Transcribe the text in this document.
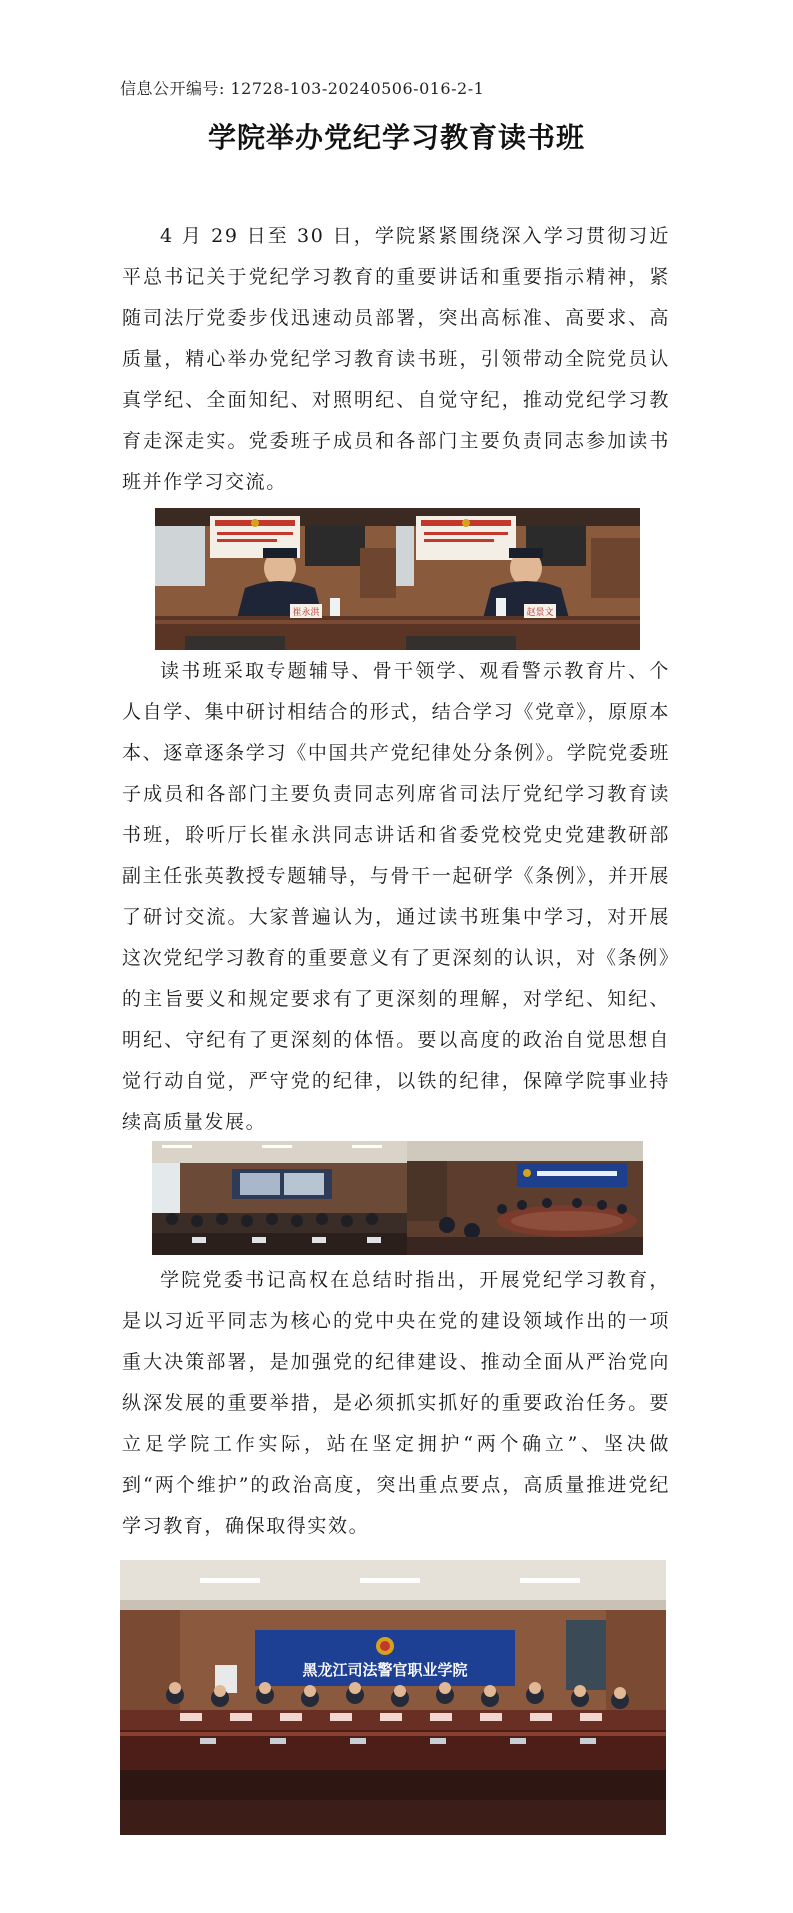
信息公开编号: 12728-103-20240506-016-2-1
学院举办党纪学习教育读书班
4 月 29 日至 30 日，学院紧紧围绕深入学习贯彻习近平总书记关于党纪学习教育的重要讲话和重要指示精神，紧随司法厅党委步伐迅速动员部署，突出高标准、高要求、高质量，精心举办党纪学习教育读书班，引领带动全院党员认真学纪、全面知纪、对照明纪、自觉守纪，推动党纪学习教育走深走实。党委班子成员和各部门主要负责同志参加读书班并作学习交流。
崔永洪	赵景文
读书班采取专题辅导、骨干领学、观看警示教育片、个人自学、集中研讨相结合的形式，结合学习《党章》，原原本本、逐章逐条学习《中国共产党纪律处分条例》。学院党委班子成员和各部门主要负责同志列席省司法厅党纪学习教育读书班，聆听厅长崔永洪同志讲话和省委党校党史党建教研部副主任张英教授专题辅导，与骨干一起研学《条例》，并开展了研讨交流。大家普遍认为，通过读书班集中学习，对开展这次党纪学习教育的重要意义有了更深刻的认识，对《条例》的主旨要义和规定要求有了更深刻的理解，对学纪、知纪、明纪、守纪有了更深刻的体悟。要以高度的政治自觉思想自觉行动自觉，严守党的纪律，以铁的纪律，保障学院事业持续高质量发展。
学院党委书记高权在总结时指出，开展党纪学习教育，是以习近平同志为核心的党中央在党的建设领域作出的一项重大决策部署，是加强党的纪律建设、推动全面从严治党向纵深发展的重要举措，是必须抓实抓好的重要政治任务。要立足学院工作实际，站在坚定拥护“两个确立”、坚决做到“两个维护”的政治高度，突出重点要点，高质量推进党纪学习教育，确保取得实效。
黑龙江司法警官职业学院
